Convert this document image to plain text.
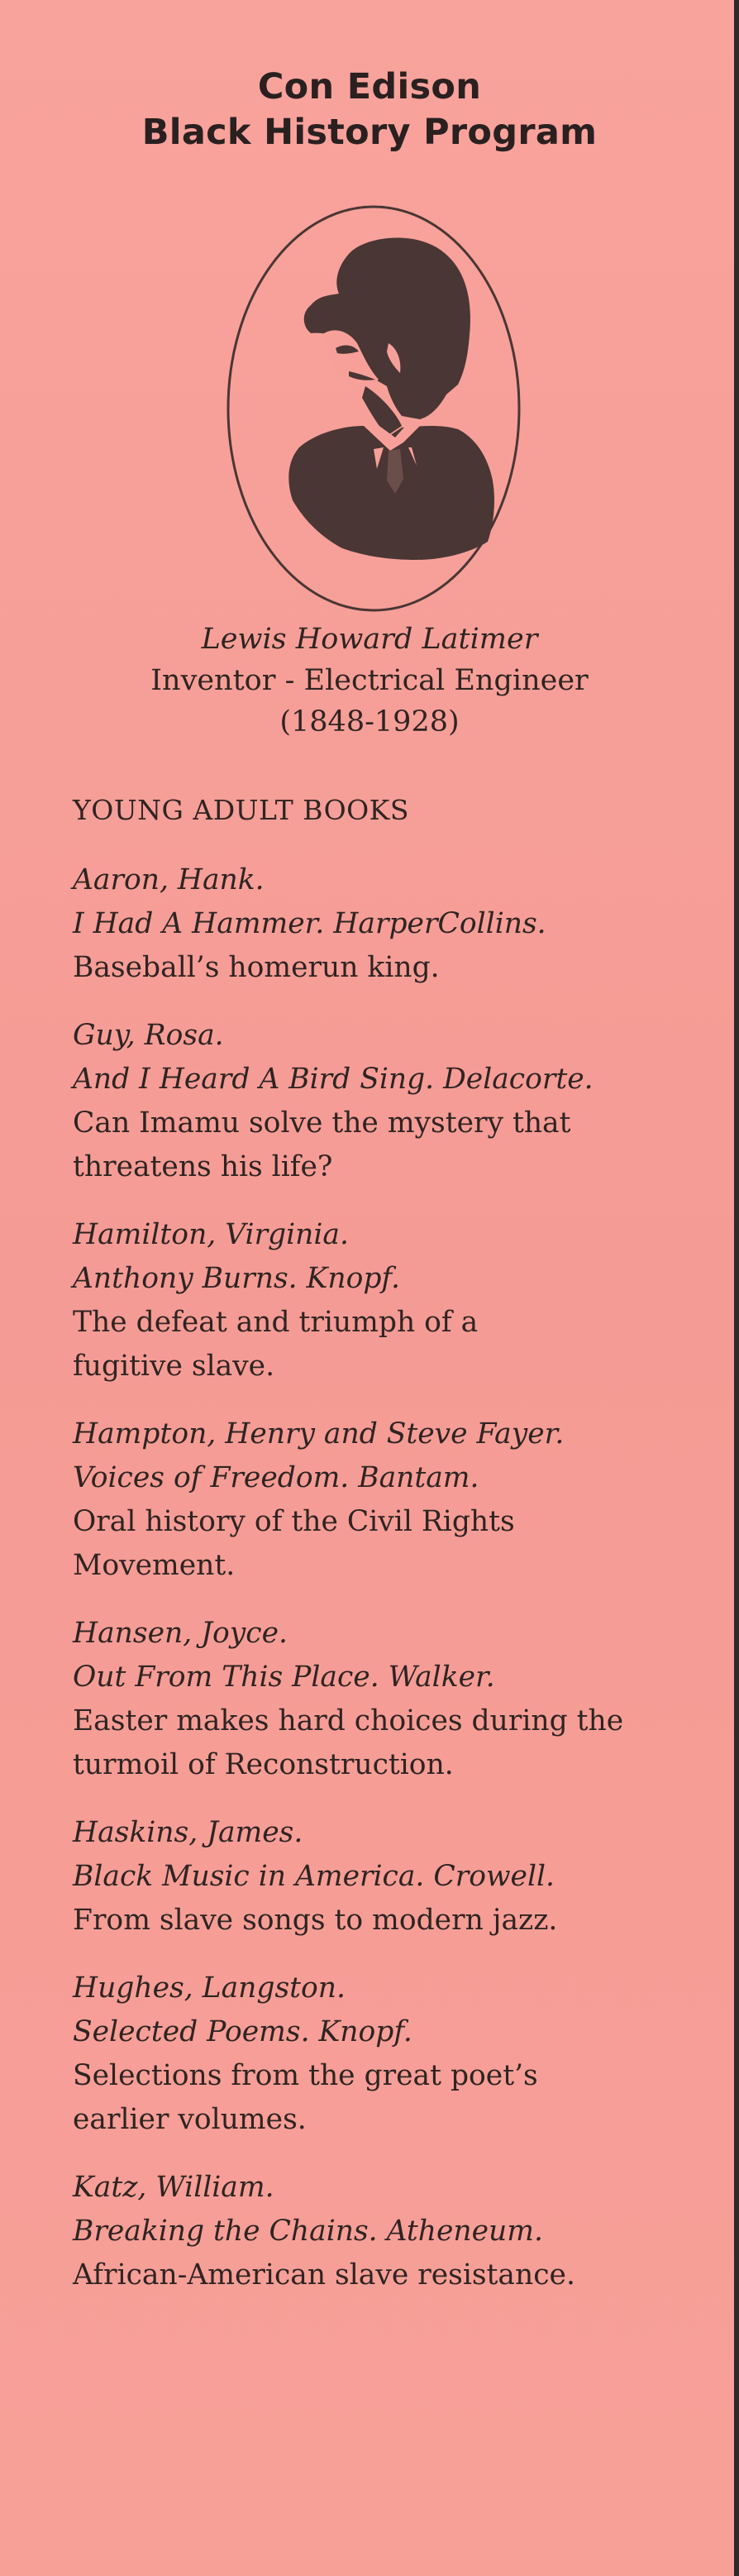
Con Edison
Black History Program
Lewis Howard Latimer
Inventor - Electrical Engineer
(1848-1928)
YOUNG ADULT BOOKS
Aaron, Hank.
I Had A Hammer. HarperCollins.
Baseball’s homerun king.
Guy, Rosa.
And I Heard A Bird Sing. Delacorte.
Can Imamu solve the mystery that
threatens his life?
Hamilton, Virginia.
Anthony Burns. Knopf.
The defeat and triumph of a
fugitive slave.
Hampton, Henry and Steve Fayer.
Voices of Freedom. Bantam.
Oral history of the Civil Rights
Movement.
Hansen, Joyce.
Out From This Place. Walker.
Easter makes hard choices during the
turmoil of Reconstruction.
Haskins, James.
Black Music in America. Crowell.
From slave songs to modern jazz.
Hughes, Langston.
Selected Poems. Knopf.
Selections from the great poet’s
earlier volumes.
Katz, William.
Breaking the Chains. Atheneum.
African-American slave resistance.
